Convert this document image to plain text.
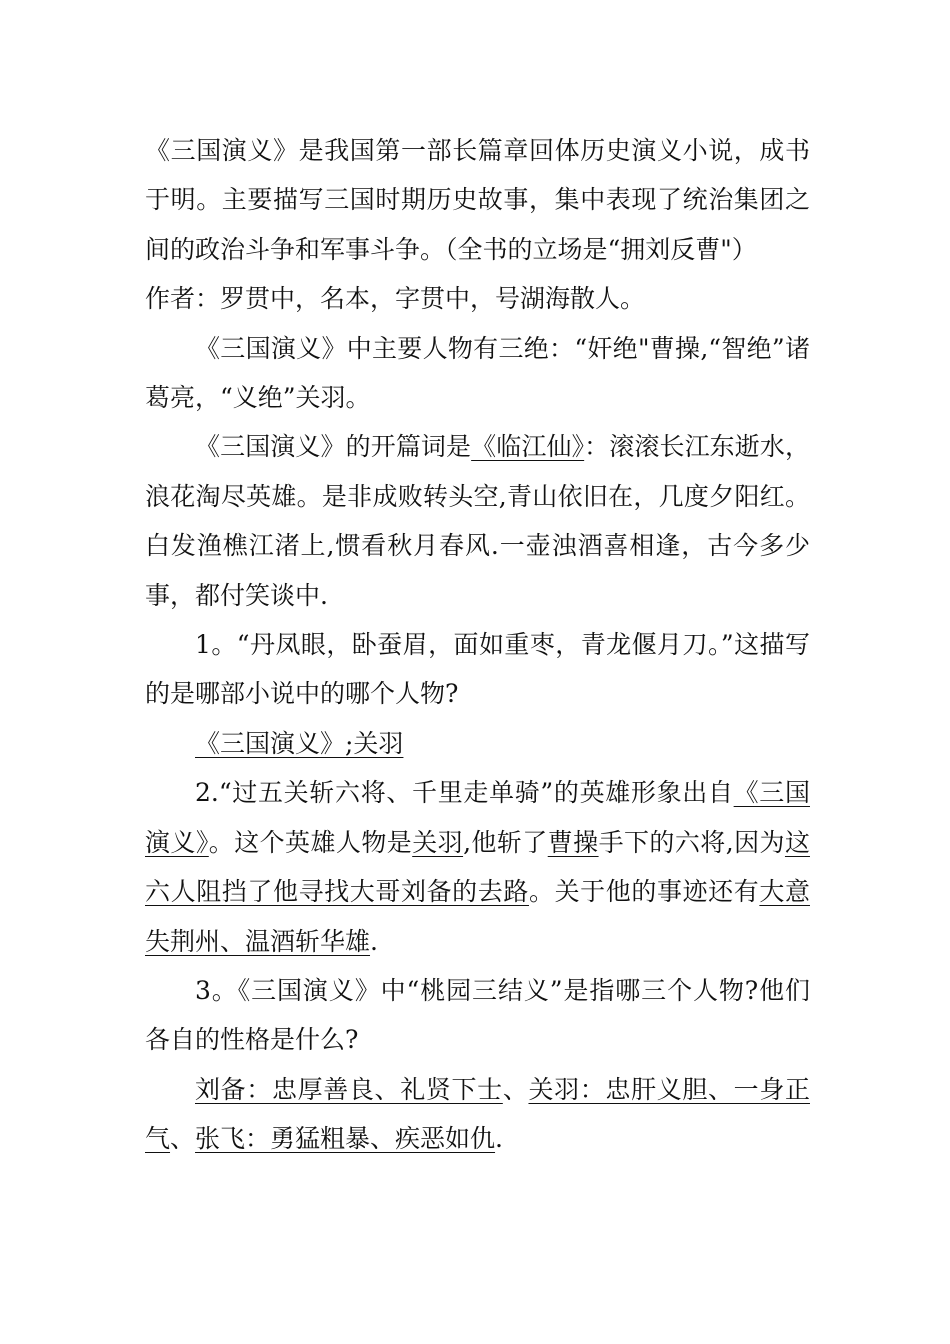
《三国演义》是我国第一部长篇章回体历史演义小说，成书于明。主要描写三国时期历史故事，集中表现了统治集团之间的政治斗争和军事斗争。（全书的立场是“拥刘反曹"）

作者：罗贯中，名本，字贯中，号湖海散人。

《三国演义》中主要人物有三绝：“奸绝"曹操,“智绝”诸葛亮，“义绝”关羽。

《三国演义》的开篇词是《临江仙》：滚滚长江东逝水，浪花淘尽英雄。是非成败转头空,青山依旧在，几度夕阳红。白发渔樵江渚上,惯看秋月春风.一壶浊酒喜相逢，古今多少事，都付笑谈中.

1。“丹凤眼，卧蚕眉，面如重枣，青龙偃月刀。”这描写的是哪部小说中的哪个人物?

《三国演义》;关羽

2.“过五关斩六将、千里走单骑”的英雄形象出自《三国演义》。这个英雄人物是关羽,他斩了曹操手下的六将,因为这六人阻挡了他寻找大哥刘备的去路。关于他的事迹还有大意失荆州、温酒斩华雄.

3。《三国演义》中“桃园三结义”是指哪三个人物?他们各自的性格是什么?

刘备：忠厚善良、礼贤下士、关羽：忠肝义胆、一身正气、张飞：勇猛粗暴、疾恶如仇.
